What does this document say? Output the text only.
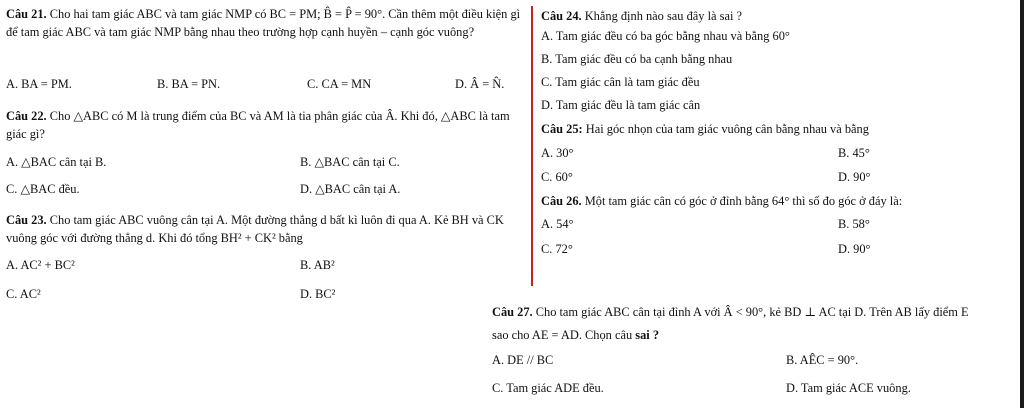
Câu 21. Cho hai tam giác ABC và tam giác NMP có BC = PM; B̂ = P̂ = 90°. Cần thêm một điều kiện gì để tam giác ABC và tam giác NMP bằng nhau theo trường hợp cạnh huyền – cạnh góc vuông?
A. BA = PM.	B. BA = PN.	C. CA = MN	D. Â = N̂.
Câu 22. Cho △ABC có M là trung điểm của BC và AM là tia phân giác của Â. Khi đó, △ABC là tam giác gì?
A. △BAC cân tại B.	B. △BAC cân tại C.
C. △BAC đều.	D. △BAC cân tại A.
Câu 23. Cho tam giác ABC vuông cân tại A. Một đường thẳng d bất kì luôn đi qua A. Kẻ BH và CK vuông góc với đường thẳng d. Khi đó tổng BH² + CK² bằng
A. AC² + BC²	B. AB²
C. AC²	D. BC²
Câu 24. Khẳng định nào sau đây là sai ?
A. Tam giác đều có ba góc bằng nhau và bằng 60°
B. Tam giác đều có ba cạnh bằng nhau
C. Tam giác cân là tam giác đều
D. Tam giác đều là tam giác cân
Câu 25: Hai góc nhọn của tam giác vuông cân bằng nhau và bằng
A. 30°	B. 45°
C. 60°	D. 90°
Câu 26. Một tam giác cân có góc ở đỉnh bằng 64° thì số đo góc ở đáy là:
A. 54°	B. 58°
C. 72°	D. 90°
Câu 27. Cho tam giác ABC cân tại đỉnh A với Â < 90°, kẻ BD ⊥ AC tại D. Trên AB lấy điểm E
sao cho AE = AD. Chọn câu sai ?
A. DE // BC	B. AÊC = 90°.
C. Tam giác ADE đều.	D. Tam giác ACE vuông.
